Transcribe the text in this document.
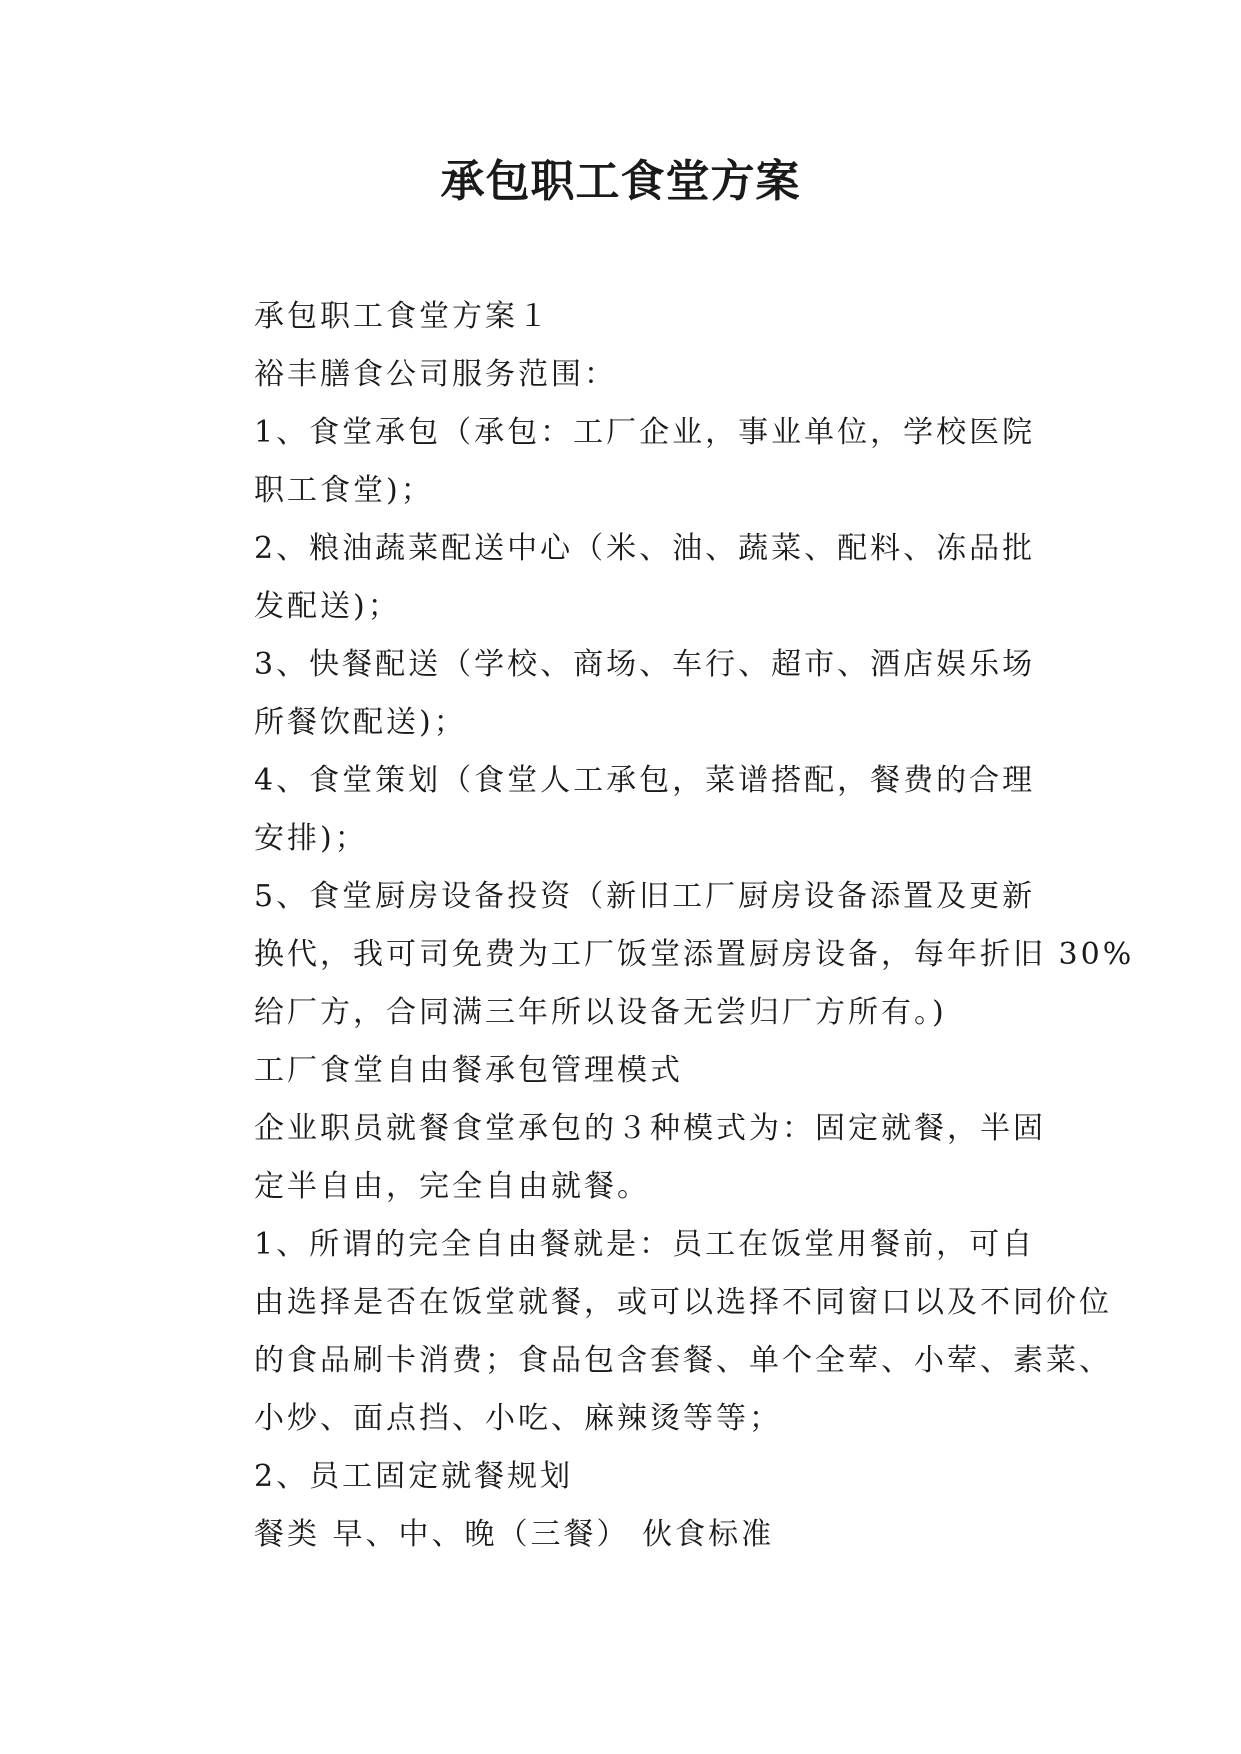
承包职工食堂方案

承包职工食堂方案１

裕丰膳食公司服务范围：

1、食堂承包（承包：工厂企业，事业单位，学校医院
职工食堂)；

2、粮油蔬菜配送中心（米、油、蔬菜、配料、冻品批
发配送)；

3、快餐配送（学校、商场、车行、超市、酒店娱乐场
所餐饮配送)；

4、食堂策划（食堂人工承包，菜谱搭配，餐费的合理
安排)；

5、食堂厨房设备投资（新旧工厂厨房设备添置及更新
换代，我可司免费为工厂饭堂添置厨房设备，每年折旧 30%
给厂方，合同满三年所以设备无尝归厂方所有。)

工厂食堂自由餐承包管理模式

企业职员就餐食堂承包的３种模式为：固定就餐，半固
定半自由，完全自由就餐。

1、所谓的完全自由餐就是：员工在饭堂用餐前，可自
由选择是否在饭堂就餐，或可以选择不同窗口以及不同价位
的食品刷卡消费；食品包含套餐、单个全荤、小荤、素菜、
小炒、面点挡、小吃、麻辣烫等等；

2、员工固定就餐规划

餐类 早、中、晚（三餐） 伙食标准
